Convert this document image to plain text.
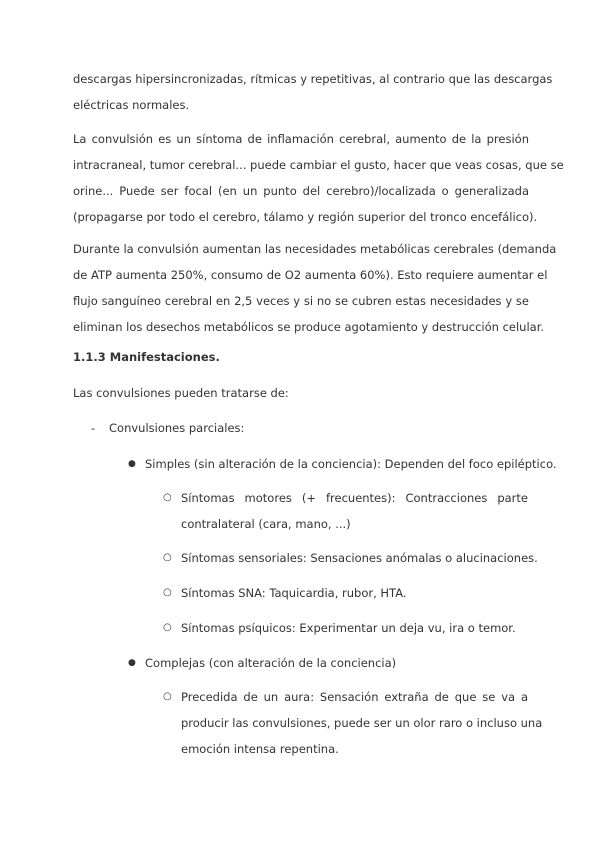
descargas hipersincronizadas, rítmicas y repetitivas, al contrario que las descargas
eléctricas normales.
La convulsión es un síntoma de inflamación cerebral, aumento de la presión
intracraneal, tumor cerebral... puede cambiar el gusto, hacer que veas cosas, que se
orine... Puede ser focal (en un punto del cerebro)/localizada o generalizada
(propagarse por todo el cerebro, tálamo y región superior del tronco encefálico).
Durante la convulsión aumentan las necesidades metabólicas cerebrales (demanda
de ATP aumenta 250%, consumo de O2 aumenta 60%). Esto requiere aumentar el
flujo sanguíneo cerebral en 2,5 veces y si no se cubren estas necesidades y se
eliminan los desechos metabólicos se produce agotamiento y destrucción celular.

1.1.3 Manifestaciones.

Las convulsiones pueden tratarse de:

- Convulsiones parciales:

● Simples (sin alteración de la conciencia): Dependen del foco epiléptico.

○ Síntomas motores (+ frecuentes): Contracciones parte
contralateral (cara, mano, ...)
○ Síntomas sensoriales: Sensaciones anómalas o alucinaciones.

○ Síntomas SNA: Taquicardia, rubor, HTA.

○ Síntomas psíquicos: Experimentar un deja vu, ira o temor.

● Complejas (con alteración de la conciencia)

○ Precedida de un aura: Sensación extraña de que se va a
producir las convulsiones, puede ser un olor raro o incluso una
emoción intensa repentina.
